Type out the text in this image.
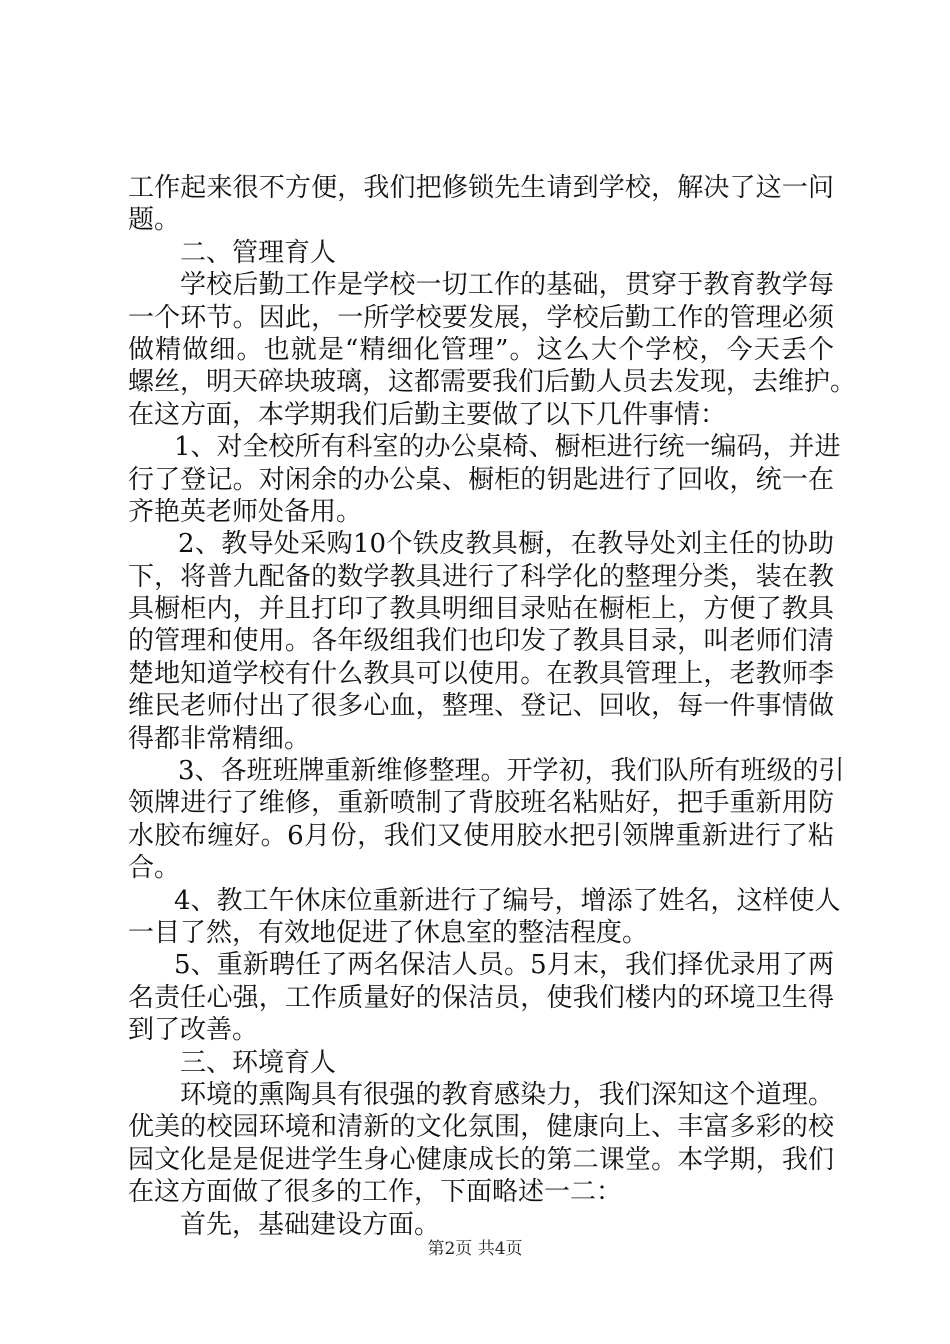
工作起来很不方便，我们把修锁先生请到学校，解决了这一问
题。
二、管理育人
学校后勤工作是学校一切工作的基础，贯穿于教育教学每
一个环节。因此，一所学校要发展，学校后勤工作的管理必须
做精做细。也就是“精细化管理”。这么大个学校，今天丢个
螺丝，明天碎块玻璃，这都需要我们后勤人员去发现，去维护。
在这方面，本学期我们后勤主要做了以下几件事情：
1、对全校所有科室的办公桌椅、橱柜进行统一编码，并进
行了登记。对闲余的办公桌、橱柜的钥匙进行了回收，统一在
齐艳英老师处备用。
2、教导处采购10个铁皮教具橱，在教导处刘主任的协助
下，将普九配备的数学教具进行了科学化的整理分类，装在教
具橱柜内，并且打印了教具明细目录贴在橱柜上，方便了教具
的管理和使用。各年级组我们也印发了教具目录，叫老师们清
楚地知道学校有什么教具可以使用。在教具管理上，老教师李
维民老师付出了很多心血，整理、登记、回收，每一件事情做
得都非常精细。
3、各班班牌重新维修整理。开学初，我们队所有班级的引
领牌进行了维修，重新喷制了背胶班名粘贴好，把手重新用防
水胶布缠好。6月份，我们又使用胶水把引领牌重新进行了粘
合。
4、教工午休床位重新进行了编号，增添了姓名，这样使人
一目了然，有效地促进了休息室的整洁程度。
5、重新聘任了两名保洁人员。5月末，我们择优录用了两
名责任心强，工作质量好的保洁员，使我们楼内的环境卫生得
到了改善。
三、环境育人
环境的熏陶具有很强的教育感染力，我们深知这个道理。
优美的校园环境和清新的文化氛围，健康向上、丰富多彩的校
园文化是是促进学生身心健康成长的第二课堂。本学期，我们
在这方面做了很多的工作，下面略述一二：
首先，基础建设方面。
第2页 共4页
